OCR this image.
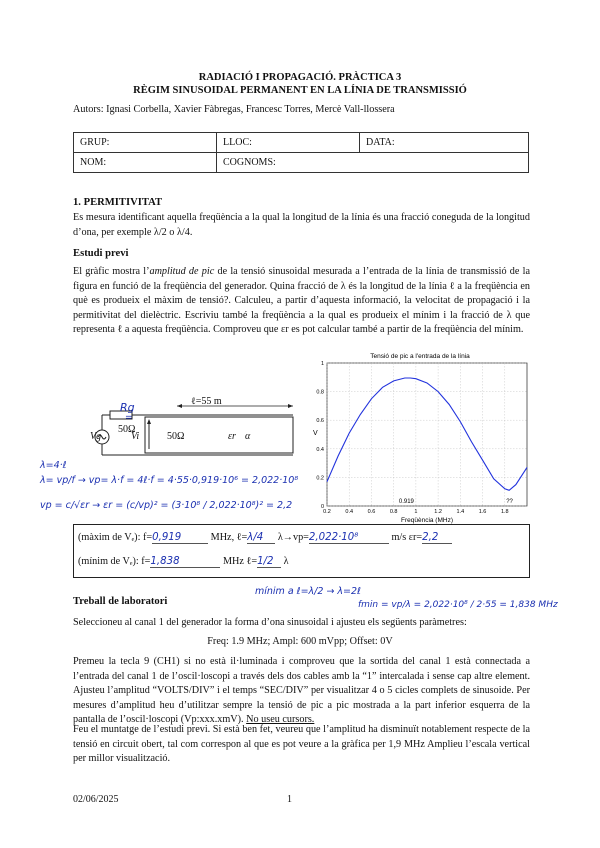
RADIACIÓ I PROPAGACIÓ. PRÀCTICA 3
RÈGIM SINUSOIDAL PERMANENT EN LA LÍNIA DE TRANSMISSIÓ
Autors: Ignasi Corbella, Xavier Fàbregas, Francesc Torres, Mercè Vall-llossera
GRUP:	LLOC:	DATA:
NOM:	COGNOMS:	
1. PERMITIVITAT
Es mesura identificant aquella freqüència a la qual la longitud de la línia és una fracció coneguda de la longitud d’ona, per exemple λ/2 o λ/4.
Estudi previ
El gràfic mostra l’amplitud de pic de la tensió sinusoidal mesurada a l’entrada de la línia de transmissió de la figura en funció de la freqüència del generador. Quina fracció de λ és la longitud de la línia ℓ a la freqüència en què es produeix el màxim de tensió?. Calculeu, a partir d’aquesta informació, la velocitat de propagació i la permitivitat del dielèctric. Escriviu també la freqüència a la qual es produeix el mínim i la fracció de λ que representa ℓ a aquesta freqüència. Comproveu que εr es pot calcular també a partir de la freqüència del mínim.
Rg
=
50Ω
ℓ=55 m
Vg	Vi	50Ω	εr α
λ=4·ℓ
λ= vp/f → vp= λ·f = 4ℓ·f = 4·55·0,919·10⁶ = 2,022·10⁸
vp = c/√εr → εr = (c/vp)² = (3·10⁸ / 2,022·10⁸)² = 2,2
Tensió de pic a l'entrada de la línia
0
0.2
0.4
0.6
0.8
1
0.2	0.4	0.6	0.8	1	1.2	1.4	1.6	1.8
V
Freqüència (MHz)
0.919	??
(màxim de Vₑ): f=0,919	MHz, ℓ=λ/4 λ→vp=2,022·10⁸	m/s εr=2,2
(mínim de Vₑ): f=1,838	MHz ℓ=1/2 λ
mínim a ℓ=λ/2 → λ=2ℓ
Treball de laboratori	fmin = vp/λ = 2,022·10⁸ / 2·55 = 1,838 MHz
Seleccioneu al canal 1 del generador la forma d’ona sinusoidal i ajusteu els següents paràmetres:
Freq: 1.9 MHz; Ampl: 600 mVpp; Offset: 0V
Premeu la tecla 9 (CH1) si no està il·luminada i comproveu que la sortida del canal 1 està connectada a l’entrada del canal 1 de l’oscil·loscopi a través dels dos cables amb la “1” intercalada i sense cap altre element. Ajusteu l’amplitud “VOLTS/DIV” i el temps “SEC/DIV” per visualitzar 4 o 5 cicles complets de sinusoide. Per mesures d’amplitud heu d’utilitzar sempre la tensió de pic a pic mostrada a la part inferior esquerra de la pantalla de l’oscil·loscopi (Vp:xxx.xmV). No useu cursors.
Feu el muntatge de l’estudi previ. Si està ben fet, veureu que l’amplitud ha disminuït notablement respecte de la tensió en circuit obert, tal com correspon al que es pot veure a la gràfica per 1,9 MHz Amplieu l’escala vertical per millor visualització.
02/06/2025	1
